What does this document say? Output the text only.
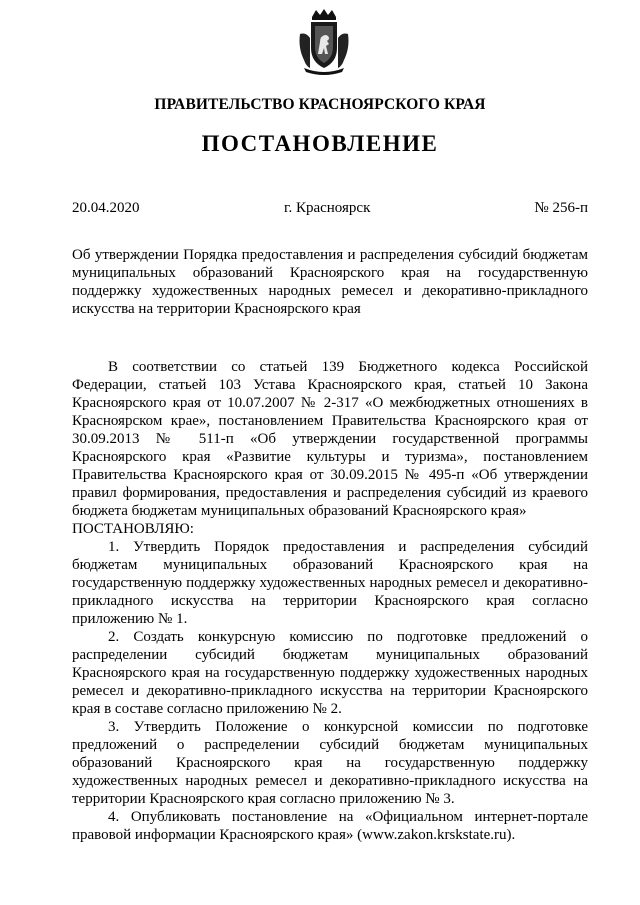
ПРАВИТЕЛЬСТВО КРАСНОЯРСКОГО КРАЯ
ПОСТАНОВЛЕНИЕ
20.04.2020	г. Красноярск	№ 256-п
Об утверждении Порядка предоставления и распределения субсидий бюджетам муниципальных образований Красноярского края на государственную поддержку художественных народных ремесел и декоративно-прикладного искусства на территории Красноярского края

В соответствии со статьей 139 Бюджетного кодекса Российской Федерации, статьей 103 Устава Красноярского края, статьей 10 Закона Красноярского края от 10.07.2007 № 2-317 «О межбюджетных отношениях в Красноярском крае», постановлением Правительства Красноярского края от 30.09.2013 № 511-п «Об утверждении государственной программы Красноярского края «Развитие культуры и туризма», постановлением Правительства Красноярского края от 30.09.2015 № 495-п «Об утверждении правил формирования, предоставления и распределения субсидий из краевого бюджета бюджетам муниципальных образований Красноярского края»

ПОСТАНОВЛЯЮ:

1. Утвердить Порядок предоставления и распределения субсидий бюджетам муниципальных образований Красноярского края на государственную поддержку художественных народных ремесел и декоративно-прикладного искусства на территории Красноярского края согласно приложению № 1.

2. Создать конкурсную комиссию по подготовке предложений о распределении субсидий бюджетам муниципальных образований Красноярского края на государственную поддержку художественных народных ремесел и декоративно-прикладного искусства на территории Красноярского края в составе согласно приложению № 2.

3. Утвердить Положение о конкурсной комиссии по подготовке предложений о распределении субсидий бюджетам муниципальных образований Красноярского края на государственную поддержку художественных народных ремесел и декоративно-прикладного искусства на территории Красноярского края согласно приложению № 3.

4. Опубликовать постановление на «Официальном интернет-портале правовой информации Красноярского края» (www.zakon.krskstate.ru).
